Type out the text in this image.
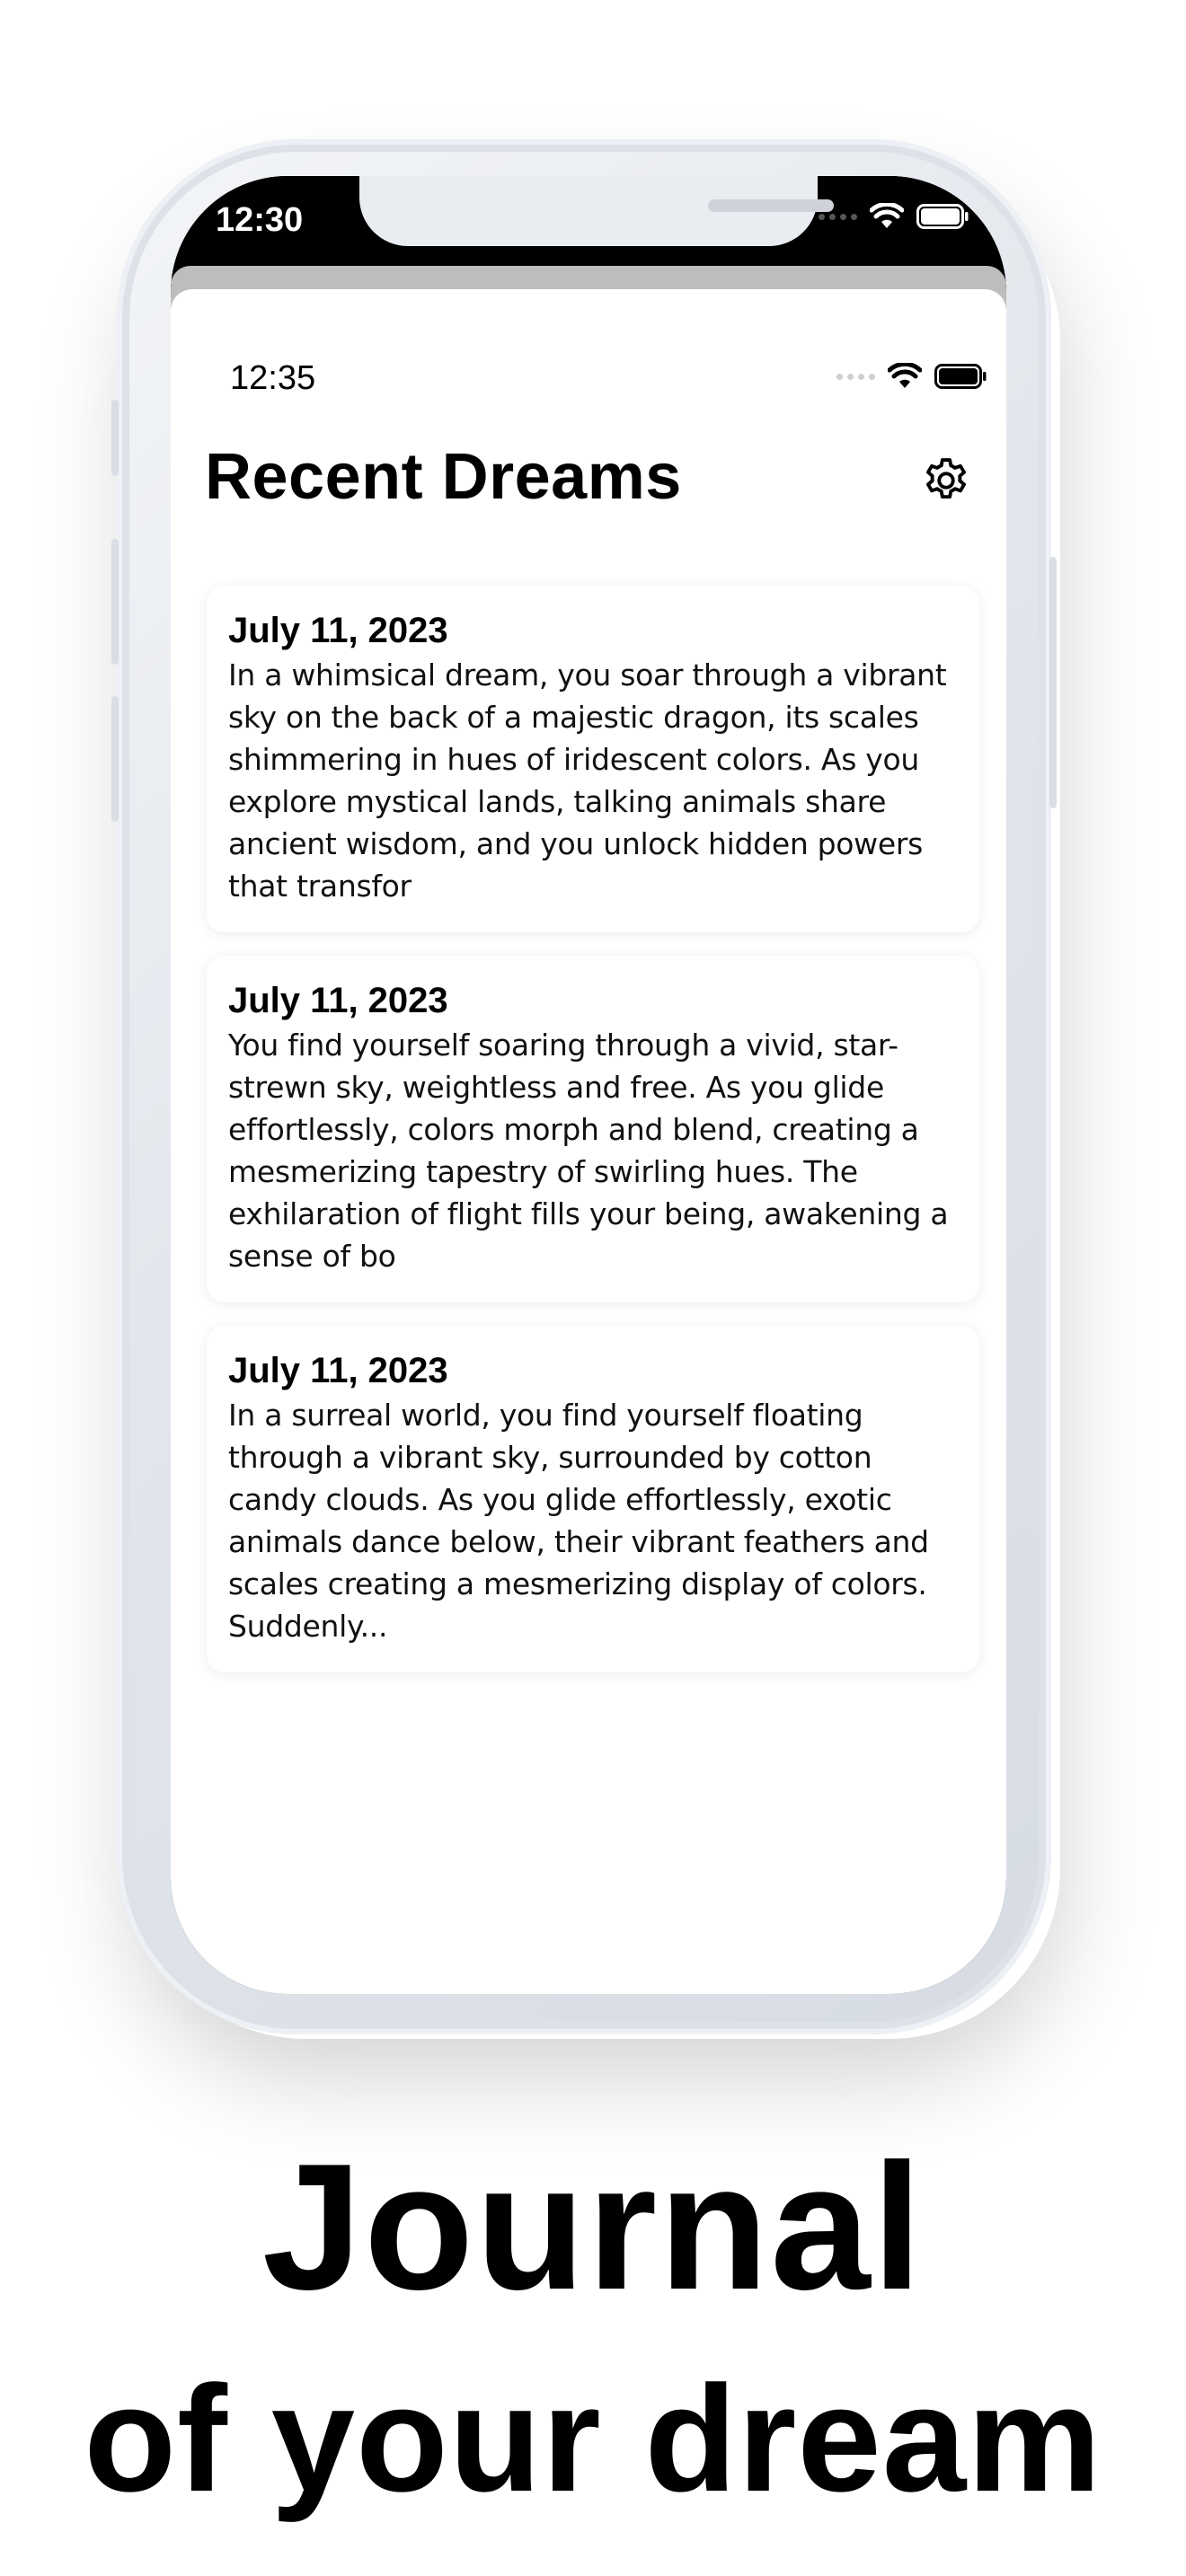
12:30
12:35
Recent Dreams
July 11, 2023
In a whimsical dream, you soar through a vibrant sky on the back of a majestic dragon, its scales shimmering in hues of iridescent colors. As you explore mystical lands, talking animals share ancient wisdom, and you unlock hidden powers that transfor
July 11, 2023
You find yourself soaring through a vivid, star-strewn sky, weightless and free. As you glide effortlessly, colors morph and blend, creating a mesmerizing tapestry of swirling hues. The exhilaration of flight fills your being, awakening a sense of bo
July 11, 2023
In a surreal world, you find yourself floating through a vibrant sky, surrounded by cotton candy clouds. As you glide effortlessly, exotic animals dance below, their vibrant feathers and scales creating a mesmerizing display of colors. Suddenly...
Journal
of your dream
